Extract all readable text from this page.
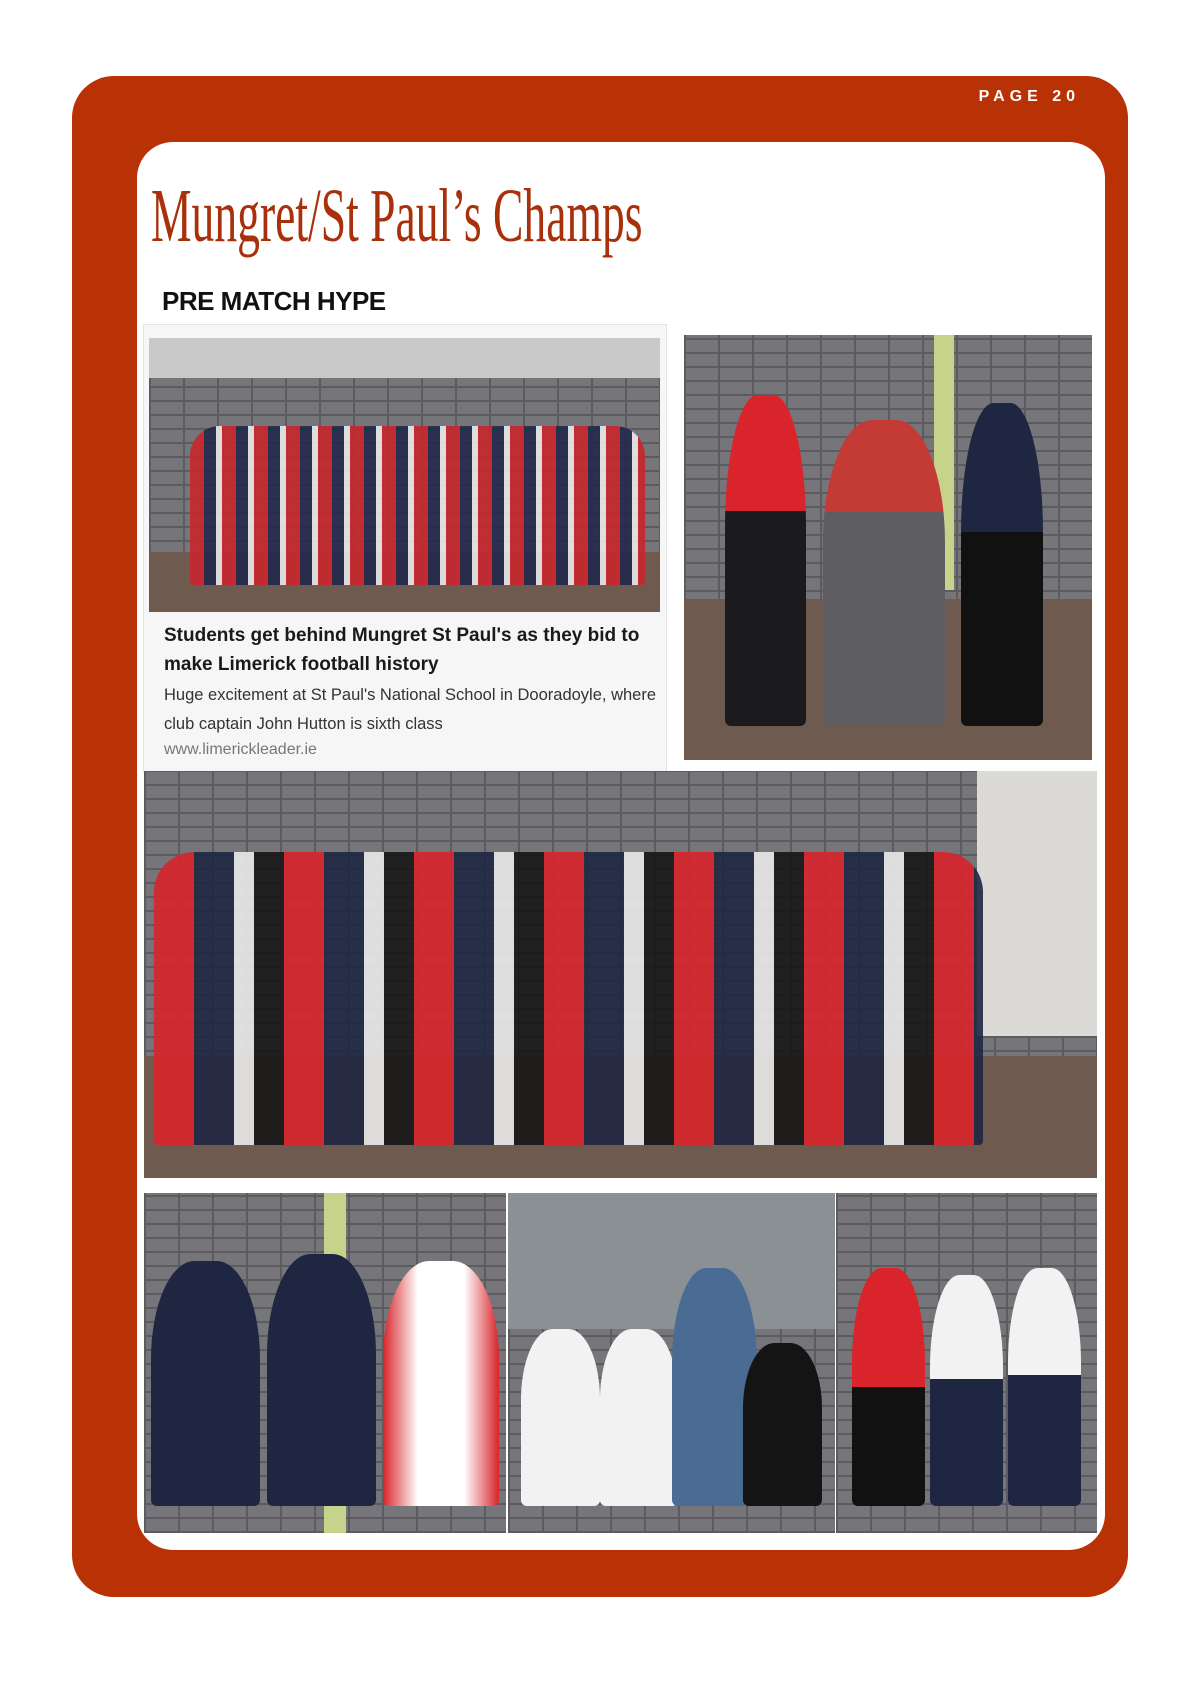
PAGE 20
Mungret/St Paul’s Champs
PRE MATCH HYPE
Students get behind Mungret St Paul's as they bid to make Limerick football history
Huge excitement at St Paul's National School in Dooradoyle, where club captain John Hutton is sixth class
www.limerickleader.ie
